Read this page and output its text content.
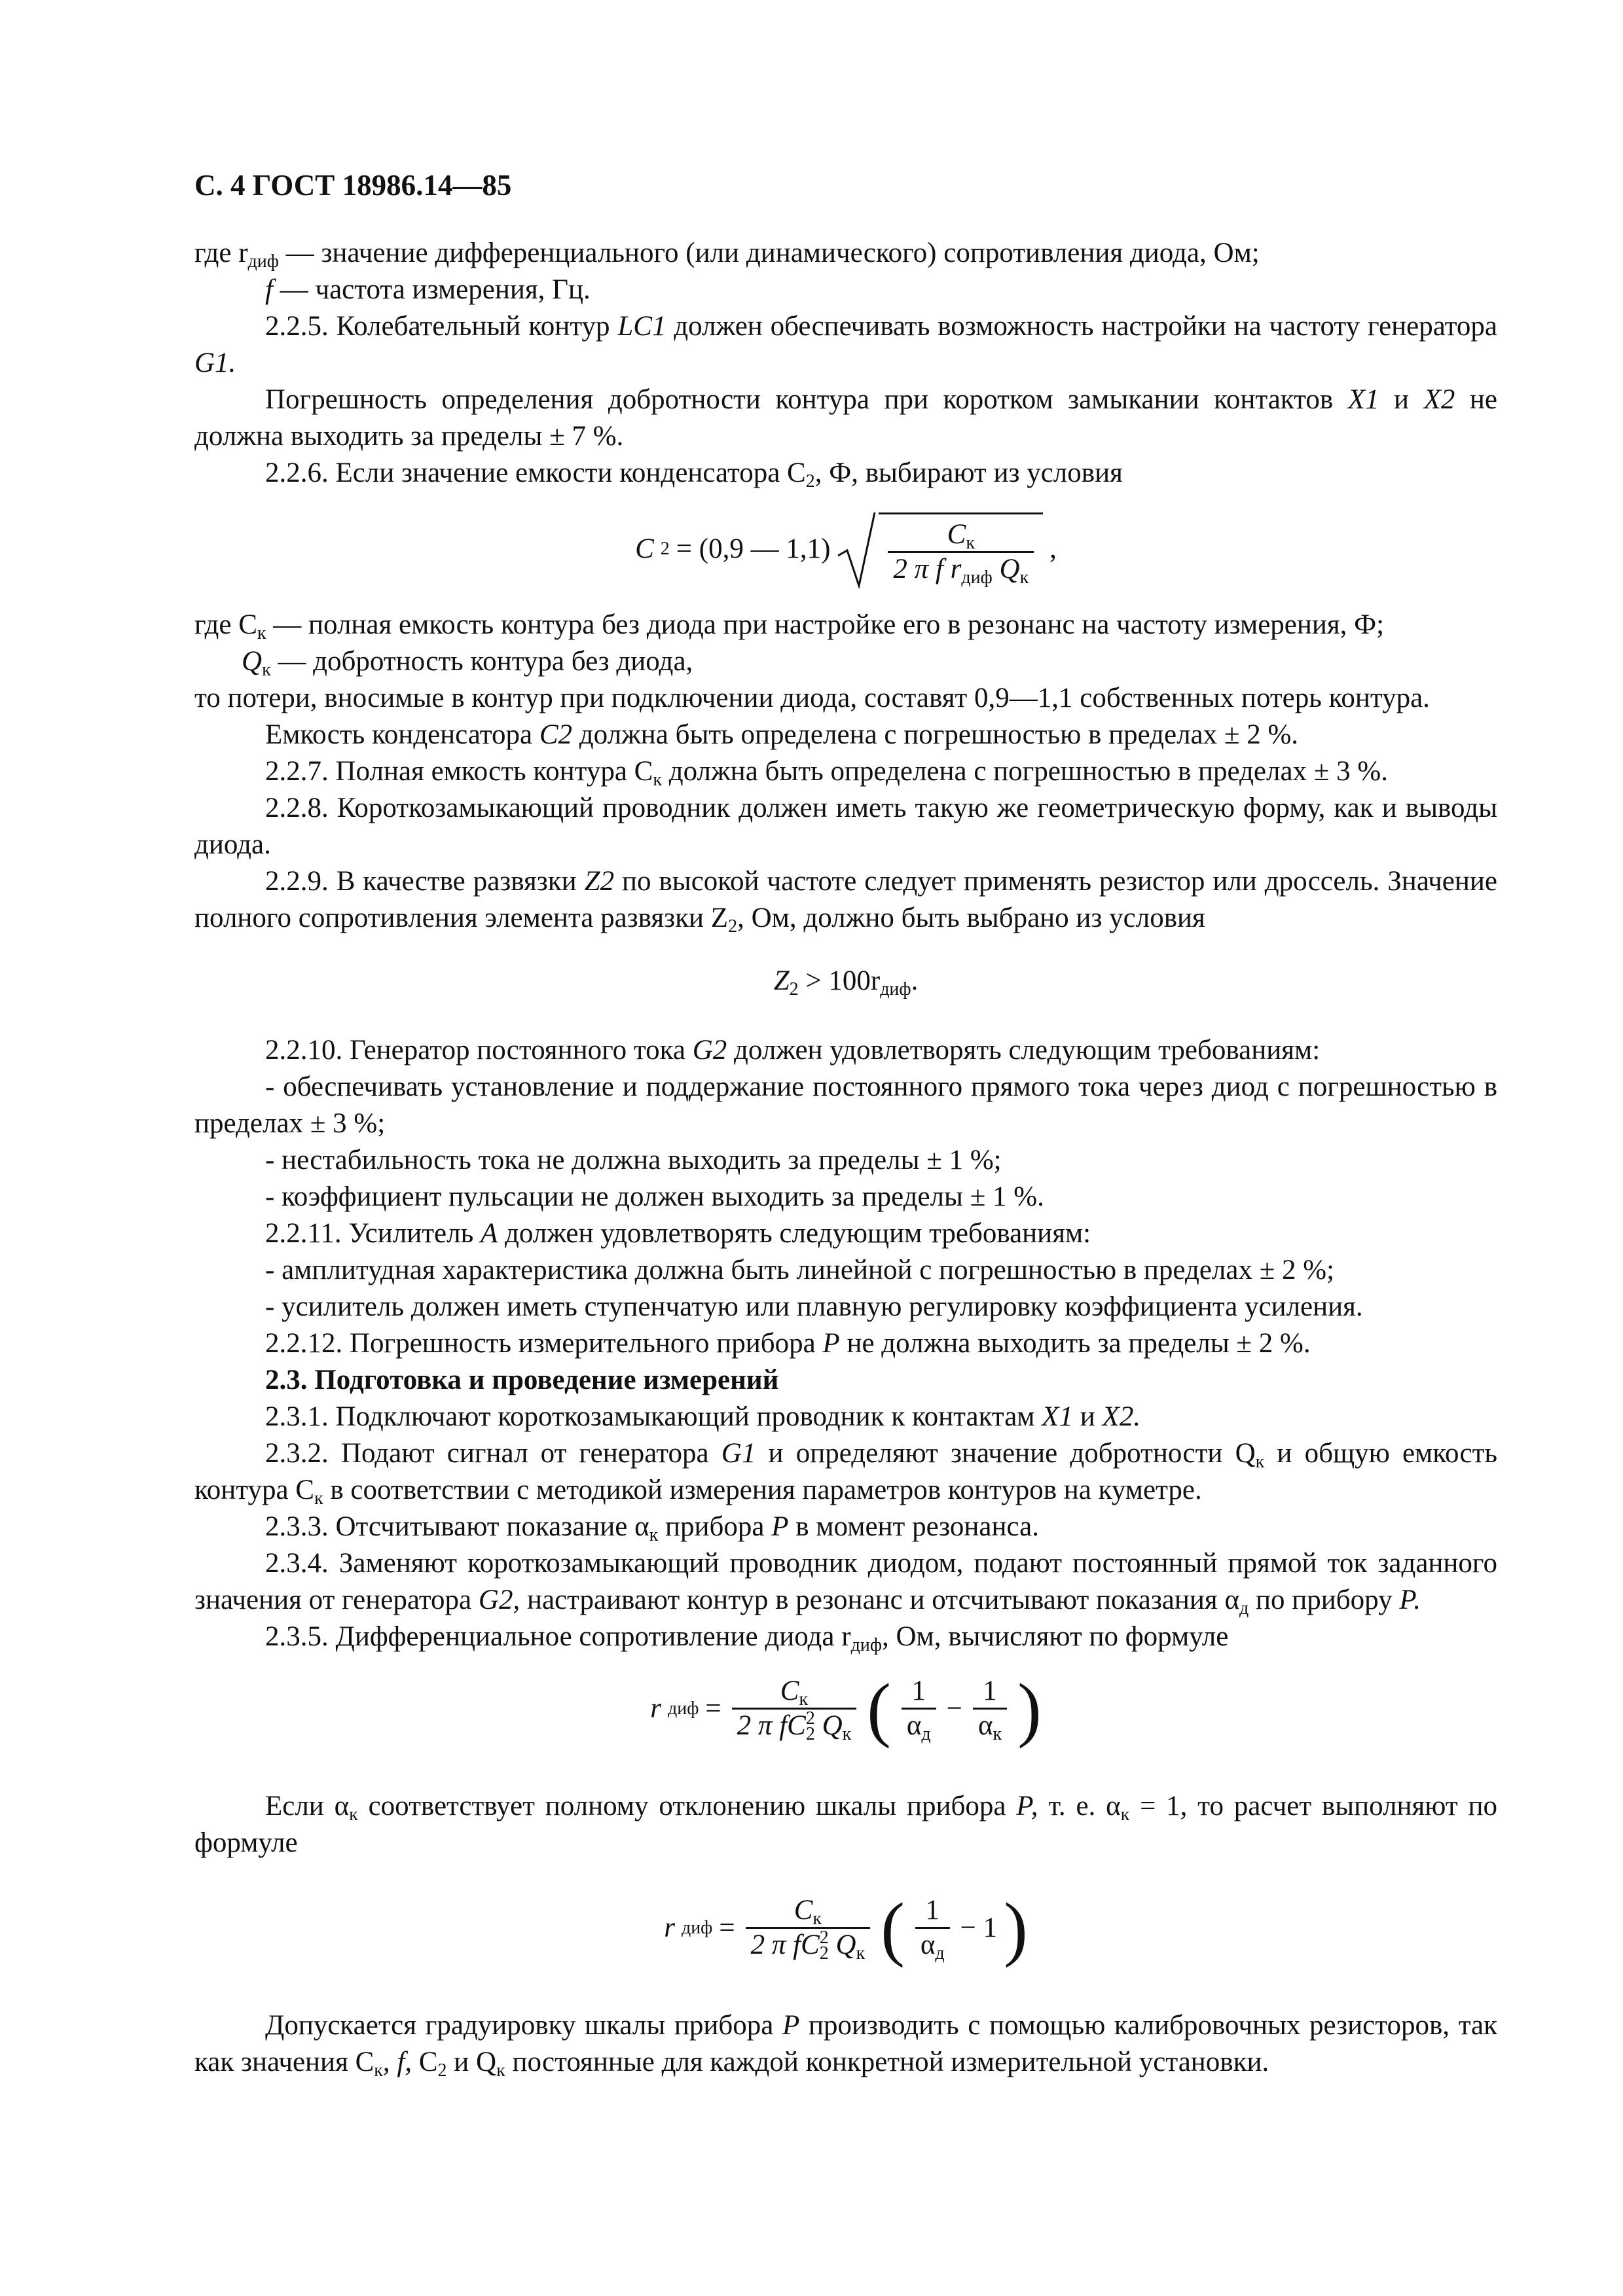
С. 4 ГОСТ 18986.14—85

где $r_{диф}$ — значение дифференциального (или динамического) сопротивления диода, Ом;

f — частота измерения, Гц.

2.2.5. Колебательный контур LC1 должен обеспечивать возможность настройки на частоту генератора G1.

Погрешность определения добротности контура при коротком замыкании контактов X1 и X2 не должна выходить за пределы ± 7 %.

2.2.6. Если значение емкости конденсатора $С_2$, Ф, выбирают из условия

С 2 = (0,9 — $1,1) \frac{С_к}{2 \pi f r_{диф} Q_к}$ ,

где $С_к$ — полная емкость контура без диода при настройке его в резонанс на частоту измерения, Ф;

$Q_к$ — добротность контура без диода,

то потери, вносимые в контур при подключении диода, составят 0,9—1,1 собственных потерь контура.

Емкость конденсатора С2 должна быть определена с погрешностью в пределах ± 2 %.

2.2.7. Полная емкость контура $С_к$ должна быть определена с погрешностью в пределах ± 3 %.

2.2.8. Короткозамыкающий проводник должен иметь такую же геометрическую форму, как и выводы диода.

2.2.9. В качестве развязки Z2 по высокой частоте следует применять резистор или дроссель. Значение полного сопротивления элемента развязки $Z_2$, Ом, должно быть выбрано из условия

$Z_2 > 100r_{диф}$.

2.2.10. Генератор постоянного тока G2 должен удовлетворять следующим требованиям:

- обеспечивать установление и поддержание постоянного прямого тока через диод с погрешностью в пределах ± 3 %;

- нестабильность тока не должна выходить за пределы ± 1 %;

- коэффициент пульсации не должен выходить за пределы ± 1 %.

2.2.11. Усилитель А должен удовлетворять следующим требованиям:

- амплитудная характеристика должна быть линейной с погрешностью в пределах ± 2 %;

- усилитель должен иметь ступенчатую или плавную регулировку коэффициента усиления.

2.2.12. Погрешность измерительного прибора Р не должна выходить за пределы ± 2 %.

2.3. Подготовка и проведение измерений

2.3.1. Подключают короткозамыкающий проводник к контактам X1 и X2.

2.3.2. Подают сигнал от генератора G1 и определяют значение добротности $Q_к$ и общую емкость контура $С_к$ в соответствии с методикой измерения параметров контуров на куметре.

2.3.3. Отсчитывают показание $\alpha_к$ прибора Р в момент резонанса.

2.3.4. Заменяют короткозамыкающий проводник диодом, подают постоянный прямой ток заданного значения от генератора G2, настраивают контур в резонанс и отсчитывают показания $\alpha_д$ по прибору Р.

2.3.5. Дифференциальное сопротивление диода $r_{диф}$, Ом, вычисляют по формуле

r диф = $\frac{С_к}{2 \pi fC^2_2 Q_к}$ ( $\frac{1}{\alpha_д} - \frac{1}{\alpha_к}$ )

Если $\alpha_к$ соответствует полному отклонению шкалы прибора Р, т. е. $\alpha_к = 1$, то расчет выполняют по формуле

r диф = $\frac{С_к}{2 \pi fC^2_2 Q_к}$ ( $\frac{1}{\alpha_д} - 1$ )

Допускается градуировку шкалы прибора Р производить с помощью калибровочных резисторов, так как значения $С_к$, f, $С_2$ и $Q_к$ постоянные для каждой конкретной измерительной установки.
